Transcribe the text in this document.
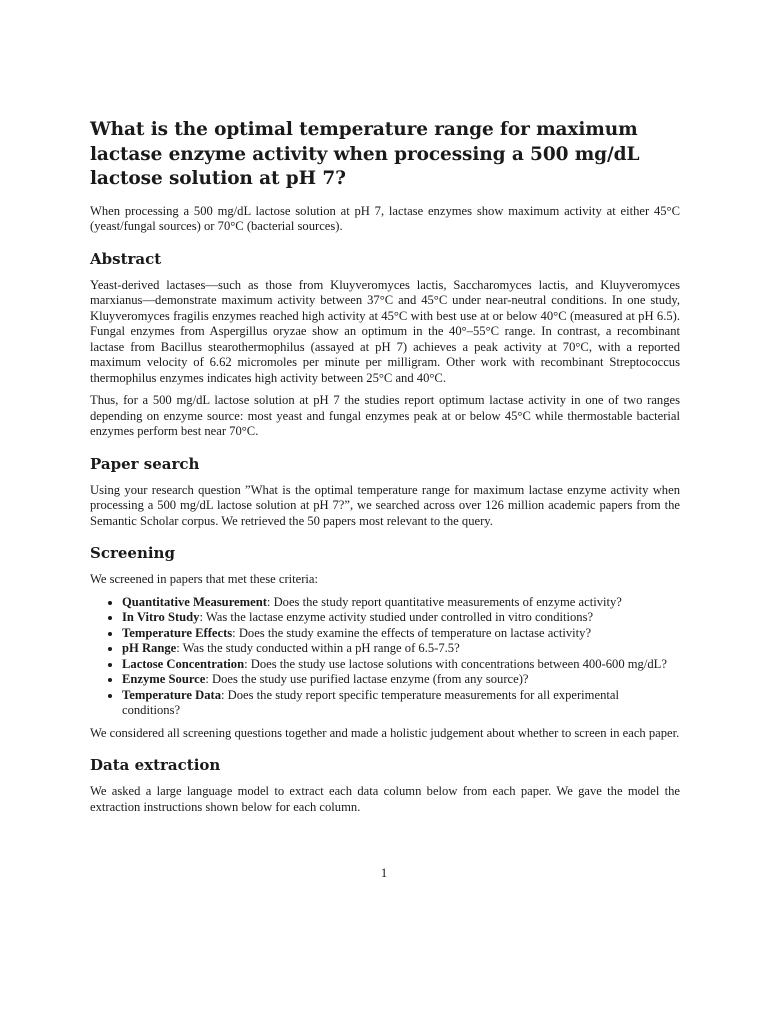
What is the optimal temperature range for maximum lactase enzyme activity when processing a 500 mg/dL lactose solution at pH 7?

When processing a 500 mg/dL lactose solution at pH 7, lactase enzymes show maximum activity at either 45°C (yeast/fungal sources) or 70°C (bacterial sources).

Abstract

Yeast-derived lactases—such as those from Kluyveromyces lactis, Saccharomyces lactis, and Kluyveromyces marxianus—demonstrate maximum activity between 37°C and 45°C under near-neutral conditions. In one study, Kluyveromyces fragilis enzymes reached high activity at 45°C with best use at or below 40°C (measured at pH 6.5). Fungal enzymes from Aspergillus oryzae show an optimum in the 40°–55°C range. In contrast, a recombinant lactase from Bacillus stearothermophilus (assayed at pH 7) achieves a peak activity at 70°C, with a reported maximum velocity of 6.62 micromoles per minute per milligram. Other work with recombinant Streptococcus thermophilus enzymes indicates high activity between 25°C and 40°C.

Thus, for a 500 mg/dL lactose solution at pH 7 the studies report optimum lactase activity in one of two ranges depending on enzyme source: most yeast and fungal enzymes peak at or below 45°C while thermostable bacterial enzymes perform best near 70°C.

Paper search

Using your research question ”What is the optimal temperature range for maximum lactase enzyme activity when processing a 500 mg/dL lactose solution at pH 7?”, we searched across over 126 million academic papers from the Semantic Scholar corpus. We retrieved the 50 papers most relevant to the query.

Screening

We screened in papers that met these criteria:

• Quantitative Measurement: Does the study report quantitative measurements of enzyme activity?
• In Vitro Study: Was the lactase enzyme activity studied under controlled in vitro conditions?
• Temperature Effects: Does the study examine the effects of temperature on lactase activity?
• pH Range: Was the study conducted within a pH range of 6.5-7.5?
• Lactose Concentration: Does the study use lactose solutions with concentrations between 400-600 mg/dL?
• Enzyme Source: Does the study use purified lactase enzyme (from any source)?
• Temperature Data: Does the study report specific temperature measurements for all experimental conditions?

We considered all screening questions together and made a holistic judgement about whether to screen in each paper.

Data extraction

We asked a large language model to extract each data column below from each paper. We gave the model the extraction instructions shown below for each column.

1
